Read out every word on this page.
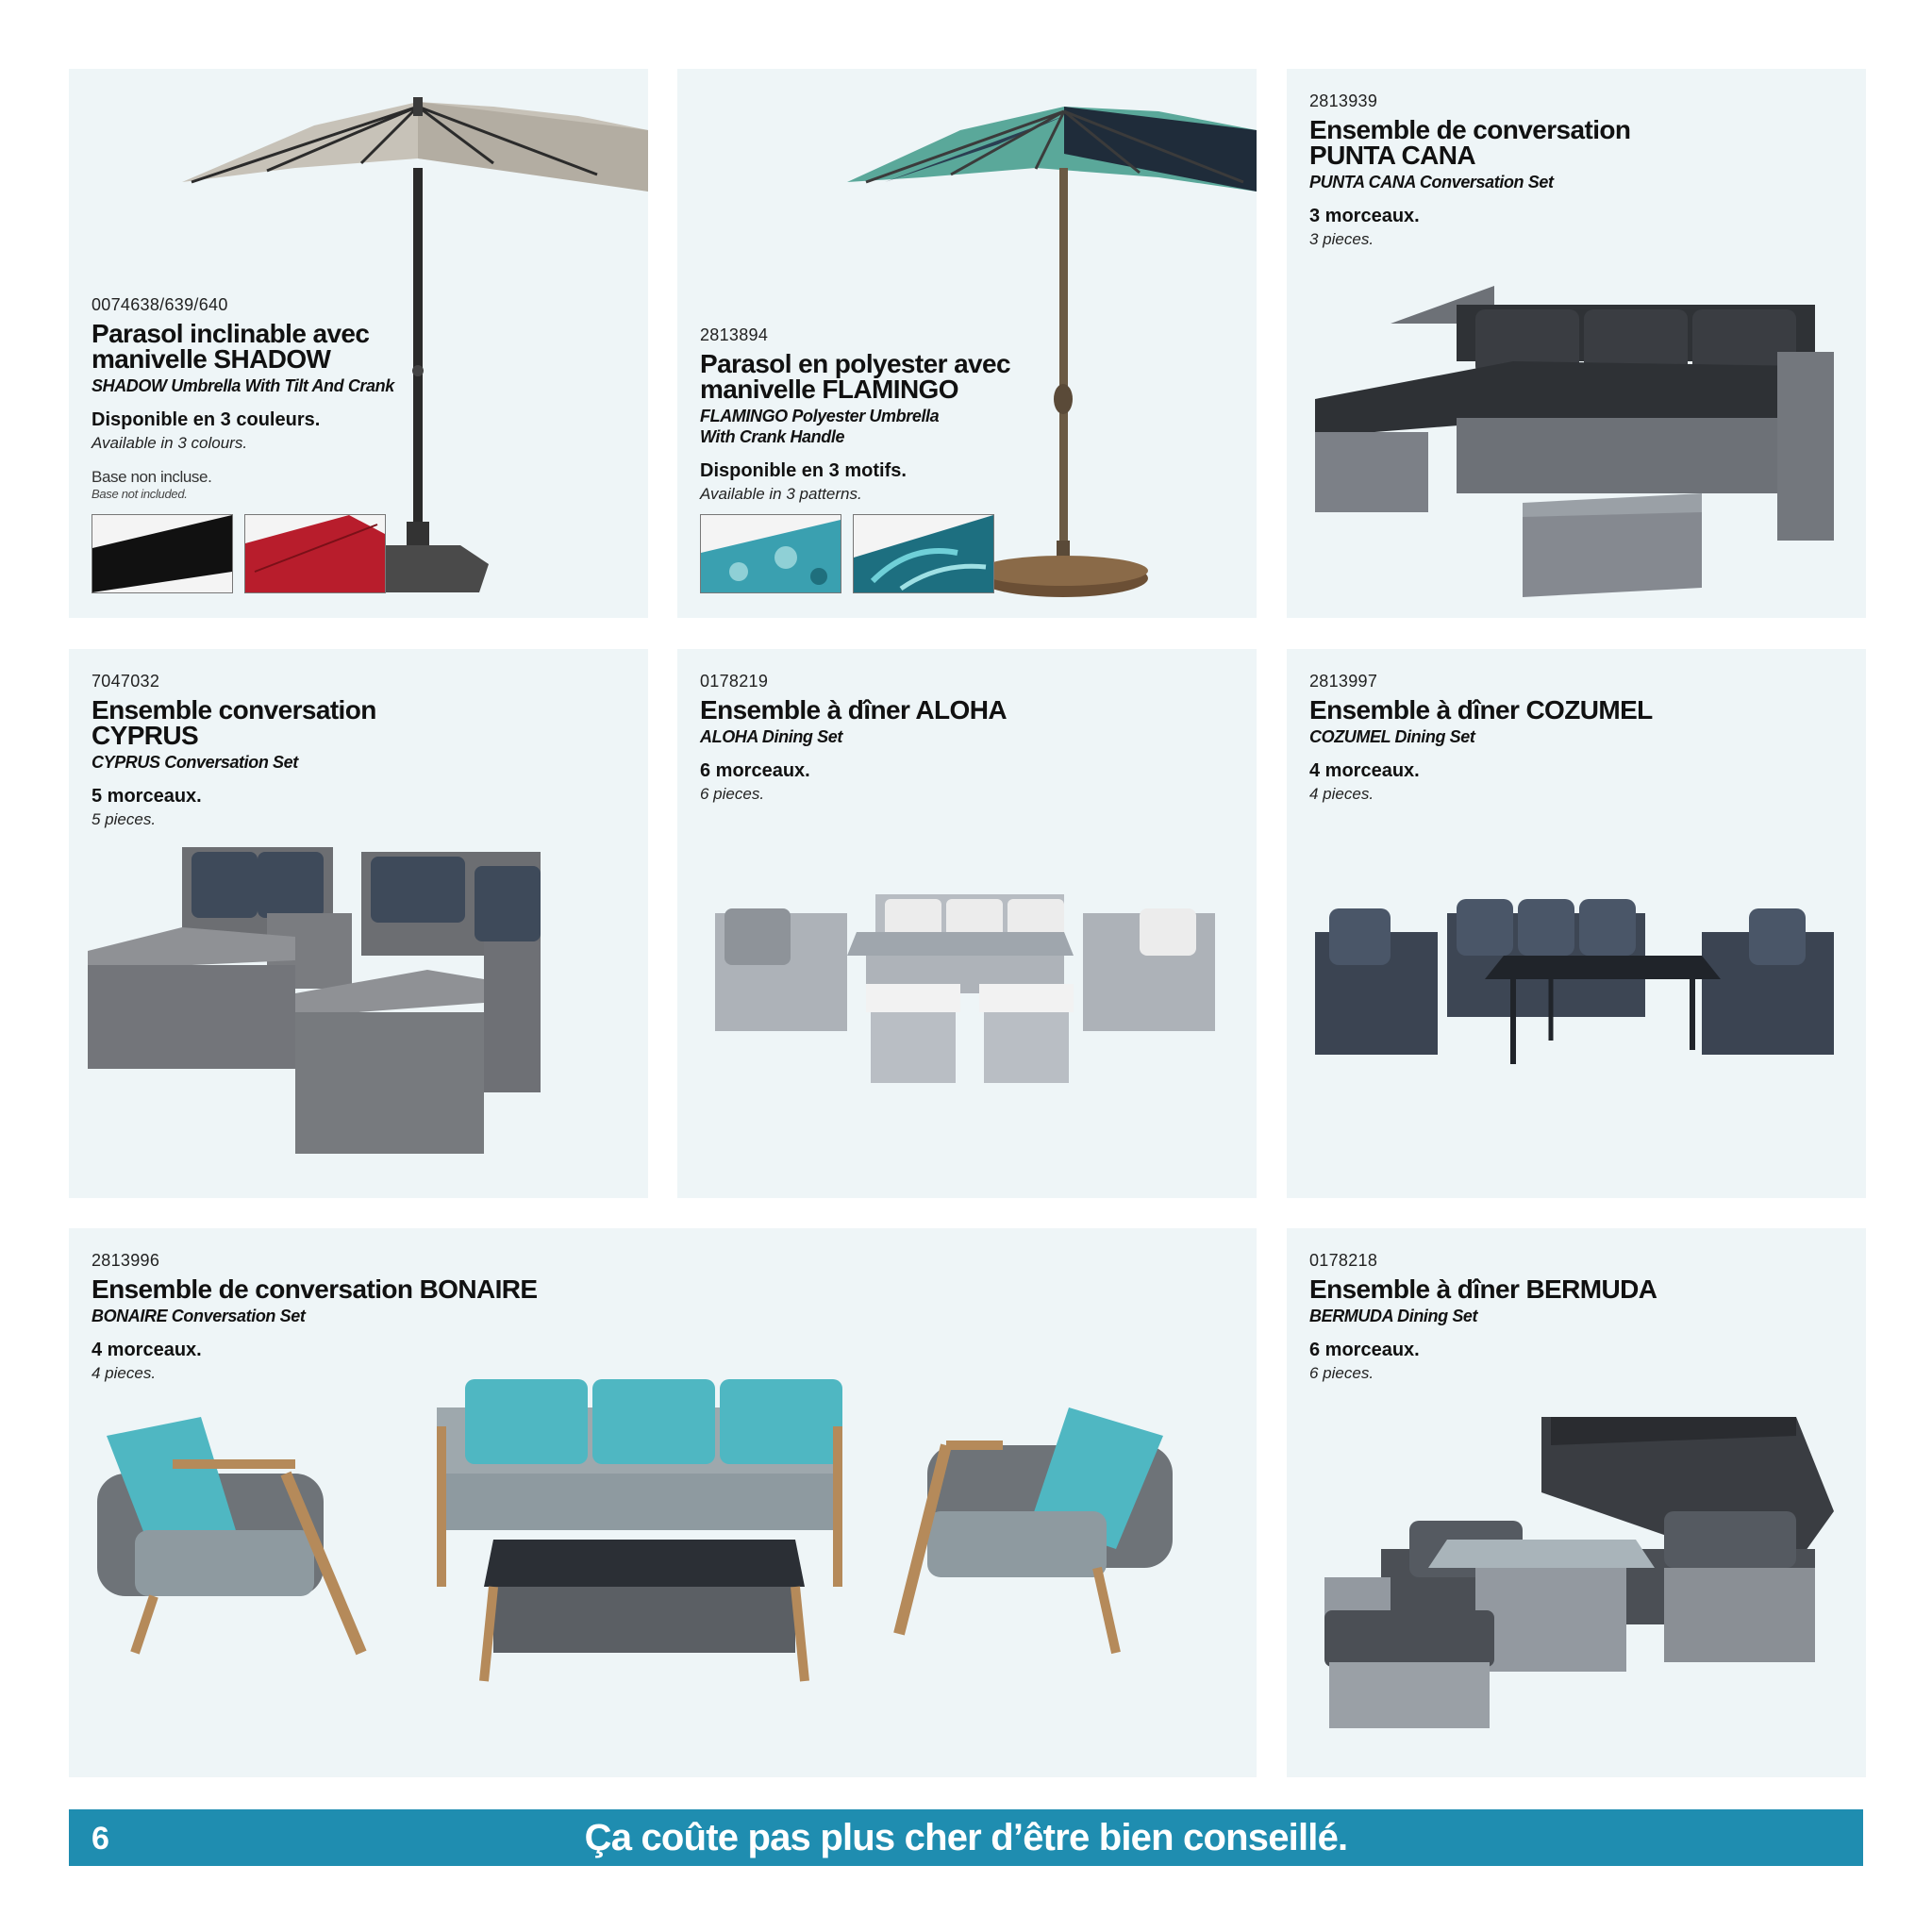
0074638/639/640
Parasol inclinable avec manivelle SHADOW
SHADOW Umbrella With Tilt And Crank
Disponible en 3 couleurs.
Available in 3 colours.
Base non incluse.
Base not included.
2813894
Parasol en polyester avec manivelle FLAMINGO
FLAMINGO Polyester Umbrella With Crank Handle
Disponible en 3 motifs.
Available in 3 patterns.
2813939
Ensemble de conversation PUNTA CANA
PUNTA CANA Conversation Set
3 morceaux.
3 pieces.
7047032
Ensemble conversation CYPRUS
CYPRUS Conversation Set
5 morceaux.
5 pieces.
0178219
Ensemble à dîner ALOHA
ALOHA Dining Set
6 morceaux.
6 pieces.
2813997
Ensemble à dîner COZUMEL
COZUMEL Dining Set
4 morceaux.
4 pieces.
2813996
Ensemble de conversation BONAIRE
BONAIRE Conversation Set
4 morceaux.
4 pieces.
0178218
Ensemble à dîner BERMUDA
BERMUDA Dining Set
6 morceaux.
6 pieces.
6	Ça coûte pas plus cher d’être bien conseillé.
